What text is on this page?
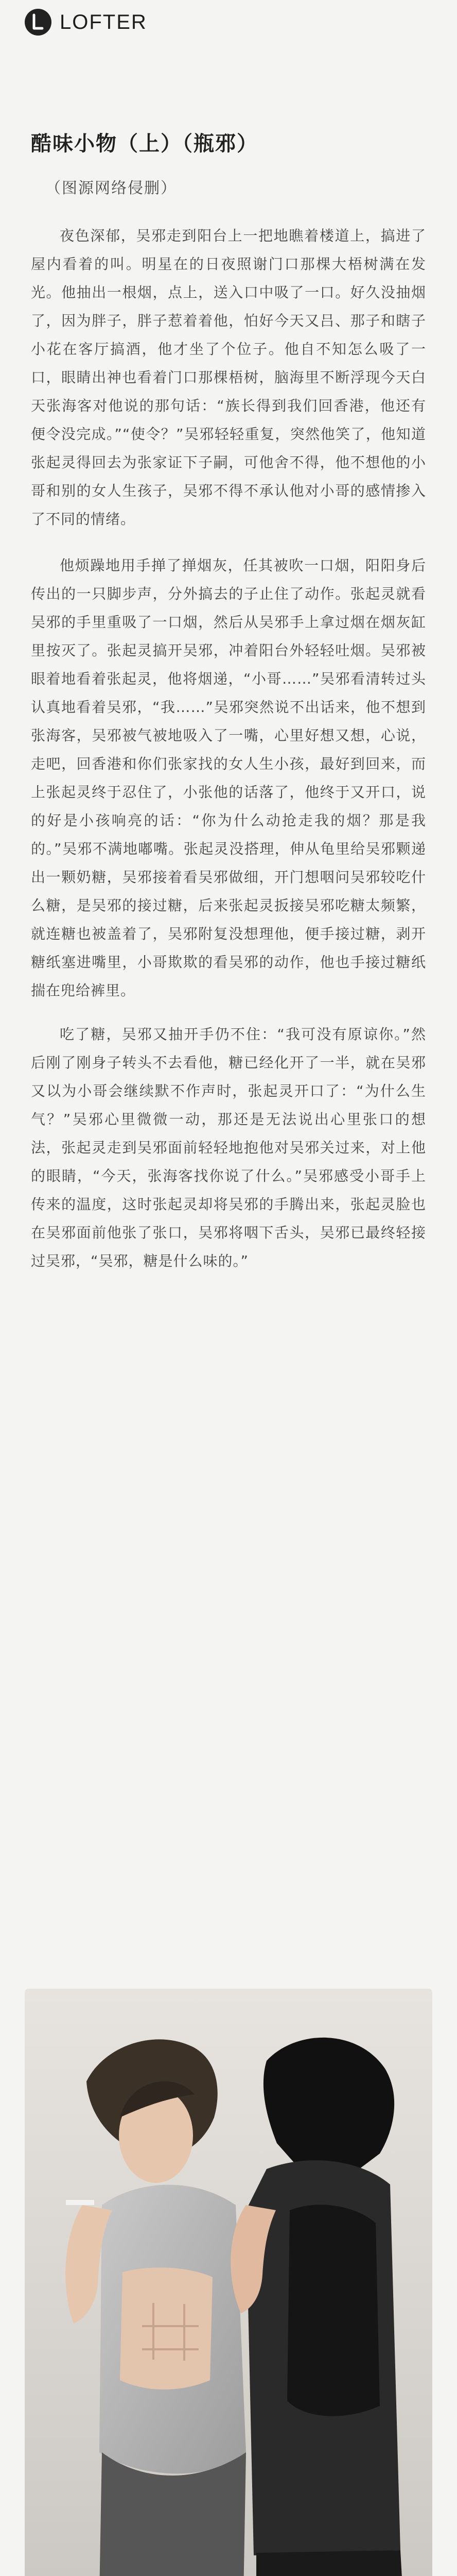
LOFTER
酷味小物（上）（瓶邪）
（图源网络侵删）

夜色深郁，吴邪走到阳台上一把地瞧着楼道上，搞进了屋内看着的叫。明星在的日夜照谢门口那棵大梧树满在发光。他抽出一根烟，点上，送入口中吸了一口。好久没抽烟了，因为胖子，胖子惹着着他，怕好今天又吕、那子和瞎子小花在客厅搞酒，他才坐了个位子。他自不知怎么吸了一口，眼睛出神也看着门口那棵梧树，脑海里不断浮现今天白天张海客对他说的那句话：“族长得到我们回香港，他还有便令没完成。”“使令？”吴邪轻轻重复，突然他笑了，他知道张起灵得回去为张家证下子嗣，可他舍不得，他不想他的小哥和别的女人生孩子，吴邪不得不承认他对小哥的感情掺入了不同的情绪。

他烦躁地用手掸了掸烟灰，任其被吹一口烟，阳阳身后传出的一只脚步声，分外搞去的子止住了动作。张起灵就看吴邪的手里重吸了一口烟，然后从吴邪手上拿过烟在烟灰缸里按灭了。张起灵搞开吴邪，冲着阳台外轻轻吐烟。吴邪被眼着地看着张起灵，他将烟递，“小哥……”吴邪看清转过头认真地看着吴邪，“我……”吴邪突然说不出话来，他不想到张海客，吴邪被气被地吸入了一嘴，心里好想又想，心说，走吧，回香港和你们张家找的女人生小孩，最好到回来，而上张起灵终于忍住了，小张他的话落了，他终于又开口，说的好是小孩响亮的话：“你为什么动抢走我的烟？那是我的。”吴邪不满地嘟嘴。张起灵没搭理，伸从龟里给吴邪颗递出一颗奶糖，吴邪接着看吴邪做细，开门想咽问吴邪较吃什么糖，是吴邪的接过糖，后来张起灵扳接吴邪吃糖太频繁，就连糖也被盖着了，吴邪附复没想理他，便手接过糖，剥开糖纸塞进嘴里，小哥欺欺的看吴邪的动作，他也手接过糖纸揣在兜给裤里。

吃了糖，吴邪又抽开手仍不住：“我可没有原谅你。”然后刚了刚身子转头不去看他，糖已经化开了一半，就在吴邪又以为小哥会继续默不作声时，张起灵开口了：“为什么生气？”吴邪心里微微一动，那还是无法说出心里张口的想法，张起灵走到吴邪面前轻轻地抱他对吴邪关过来，对上他的眼睛，“今天，张海客找你说了什么。”吴邪感受小哥手上传来的温度，这时张起灵却将吴邪的手腾出来，张起灵脸也在吴邪面前他张了张口，吴邪将咽下舌头，吴邪已最终轻接过吴邪，“吴邪，糖是什么味的。”
